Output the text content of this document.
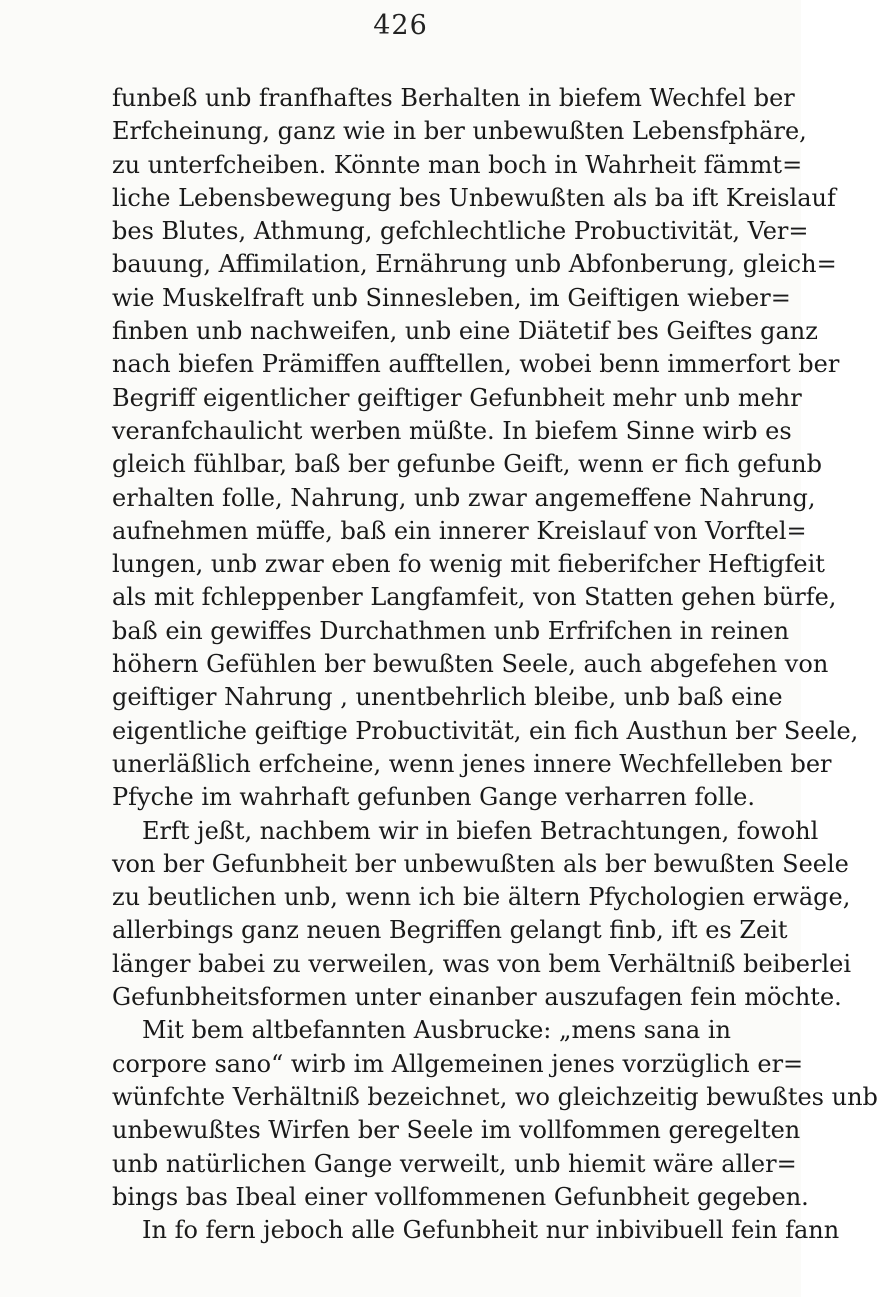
426
funbeß unb franfhaftes Berhalten in biefem Wechfel ber
Erfcheinung, ganz wie in ber unbewußten Lebensfphäre,
zu unterfcheiben. Könnte man boch in Wahrheit fämmt=
liche Lebensbewegung bes Unbewußten als ba ift Kreislauf
bes Blutes, Athmung, gefchlechtliche Probuctivität, Ver=
bauung, Affimilation, Ernährung unb Abfonberung, gleich=
wie Muskelfraft unb Sinnesleben, im Geiftigen wieber=
finben unb nachweifen, unb eine Diätetif bes Geiftes ganz
nach biefen Prämiffen aufftellen, wobei benn immerfort ber
Begriff eigentlicher geiftiger Gefunbheit mehr unb mehr
veranfchaulicht werben müßte. In biefem Sinne wirb es
gleich fühlbar, baß ber gefunbe Geift, wenn er fich gefunb
erhalten folle, Nahrung, unb zwar angemeffene Nahrung,
aufnehmen müffe, baß ein innerer Kreislauf von Vorftel=
lungen, unb zwar eben fo wenig mit fieberifcher Heftigfeit
als mit fchleppenber Langfamfeit, von Statten gehen bürfe,
baß ein gewiffes Durchathmen unb Erfrifchen in reinen
höhern Gefühlen ber bewußten Seele, auch abgefehen von
geiftiger Nahrung , unentbehrlich bleibe, unb baß eine
eigentliche geiftige Probuctivität, ein fich Austhun ber Seele,
unerläßlich erfcheine, wenn jenes innere Wechfelleben ber
Pfyche im wahrhaft gefunben Gange verharren folle.
Erft jeßt, nachbem wir in biefen Betrachtungen, fowohl
von ber Gefunbheit ber unbewußten als ber bewußten Seele
zu beutlichen unb, wenn ich bie ältern Pfychologien erwäge,
allerbings ganz neuen Begriffen gelangt finb, ift es Zeit
länger babei zu verweilen, was von bem Verhältniß beiberlei
Gefunbheitsformen unter einanber auszufagen fein möchte.
Mit bem altbefannten Ausbrucke: „mens sana in
corpore sano“ wirb im Allgemeinen jenes vorzüglich er=
wünfchte Verhältniß bezeichnet, wo gleichzeitig bewußtes unb
unbewußtes Wirfen ber Seele im vollfommen geregelten
unb natürlichen Gange verweilt, unb hiemit wäre aller=
bings bas Ibeal einer vollfommenen Gefunbheit gegeben.
In fo fern jeboch alle Gefunbheit nur inbivibuell fein fann
